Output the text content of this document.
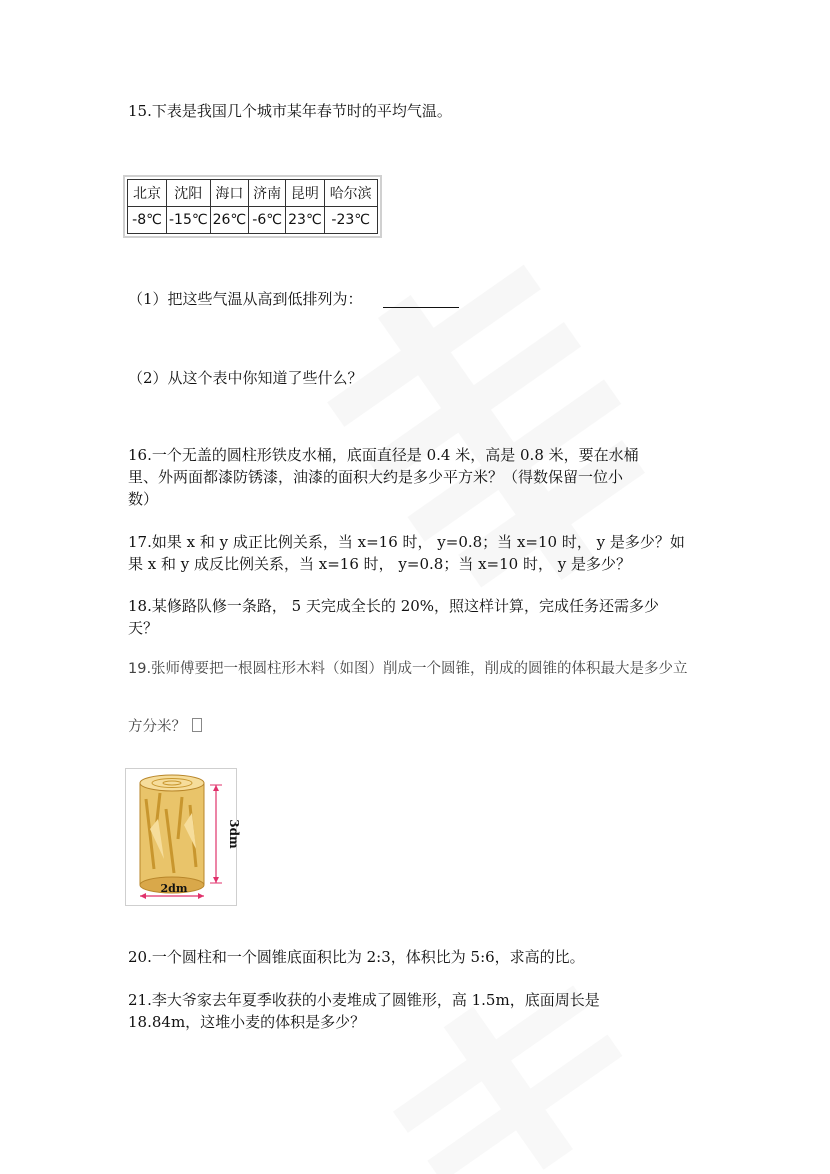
15.下表是我国几个城市某年春节时的平均气温。
北京	沈阳	海口	济南	昆明	哈尔滨
-8℃	-15℃	26℃	-6℃	23℃	-23℃
（1）把这些气温从高到低排列为：
（2）从这个表中你知道了些什么？
16.一个无盖的圆柱形铁皮水桶，底面直径是 0.4 米，高是 0.8 米，要在水桶
里、外两面都漆防锈漆，油漆的面积大约是多少平方米？（得数保留一位小
数）
17.如果 x 和 y 成正比例关系，当 x=16 时， y=0.8；当 x=10 时， y 是多少？如
果 x 和 y 成反比例关系，当 x=16 时， y=0.8；当 x=10 时， y 是多少？
18.某修路队修一条路， 5 天完成全长的 20%，照这样计算，完成任务还需多少
天？
19.张师傅要把一根圆柱形木料（如图）削成一个圆锥，削成的圆锥的体积最大是多少立
方分米？
3dm
2dm
20.一个圆柱和一个圆锥底面积比为 2:3，体积比为 5:6，求高的比。
21.李大爷家去年夏季收获的小麦堆成了圆锥形，高 1.5m，底面周长是
18.84m，这堆小麦的体积是多少？
